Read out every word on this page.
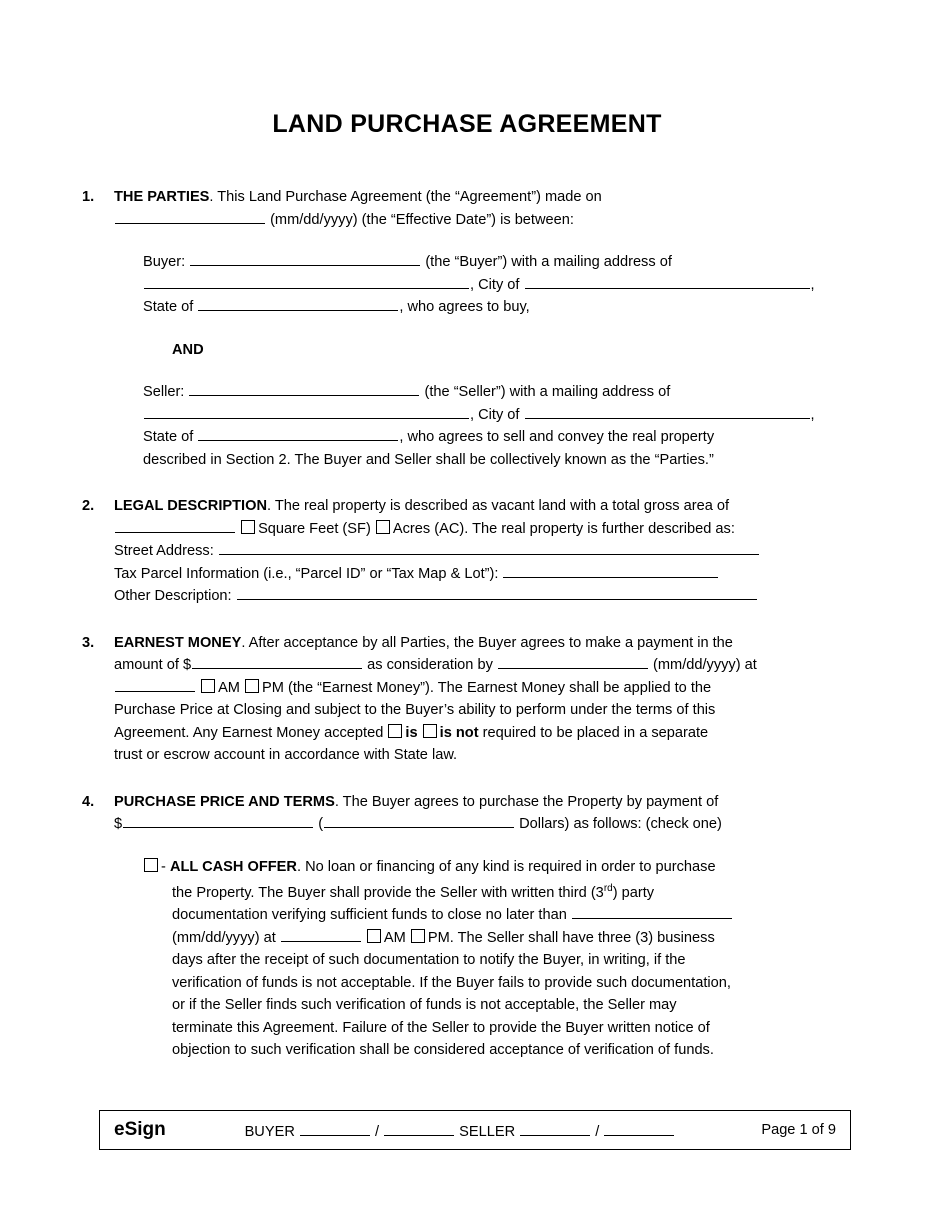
LAND PURCHASE AGREEMENT
1.	THE PARTIES. This Land Purchase Agreement (the “Agreement”) made on
(mm/dd/yyyy) (the “Effective Date”) is between:
Buyer:	(the “Buyer”) with a mailing address of
, City of	,
State of	, who agrees to buy,
AND
Seller:	(the “Seller”) with a mailing address of
, City of	,
State of	, who agrees to sell and convey the real property
described in Section 2. The Buyer and Seller shall be collectively known as the “Parties.”
2.	LEGAL DESCRIPTION. The real property is described as vacant land with a total gross area of
Square Feet (SF) Acres (AC). The real property is further described as:
Street Address:
Tax Parcel Information (i.e., “Parcel ID” or “Tax Map & Lot”):
Other Description:
3.	EARNEST MONEY. After acceptance by all Parties, the Buyer agrees to make a payment in the
amount of $	as consideration by	(mm/dd/yyyy) at
AM PM (the “Earnest Money”). The Earnest Money shall be applied to the
Purchase Price at Closing and subject to the Buyer’s ability to perform under the terms of this
Agreement. Any Earnest Money accepted is is not required to be placed in a separate
trust or escrow account in accordance with State law.
4.	PURCHASE PRICE AND TERMS. The Buyer agrees to purchase the Property by payment of
$	(	Dollars) as follows: (check one)
- ALL CASH OFFER. No loan or financing of any kind is required in order to purchase
the Property. The Buyer shall provide the Seller with written third (3rd) party
documentation verifying sufficient funds to close no later than
(mm/dd/yyyy) at	AM PM. The Seller shall have three (3) business
days after the receipt of such documentation to notify the Buyer, in writing, if the
verification of funds is not acceptable. If the Buyer fails to provide such documentation,
or if the Seller finds such verification of funds is not acceptable, the Seller may
terminate this Agreement. Failure of the Seller to provide the Buyer written notice of
objection to such verification shall be considered acceptance of verification of funds.
eSign	BUYER	/	SELLER	/	Page 1 of 9
